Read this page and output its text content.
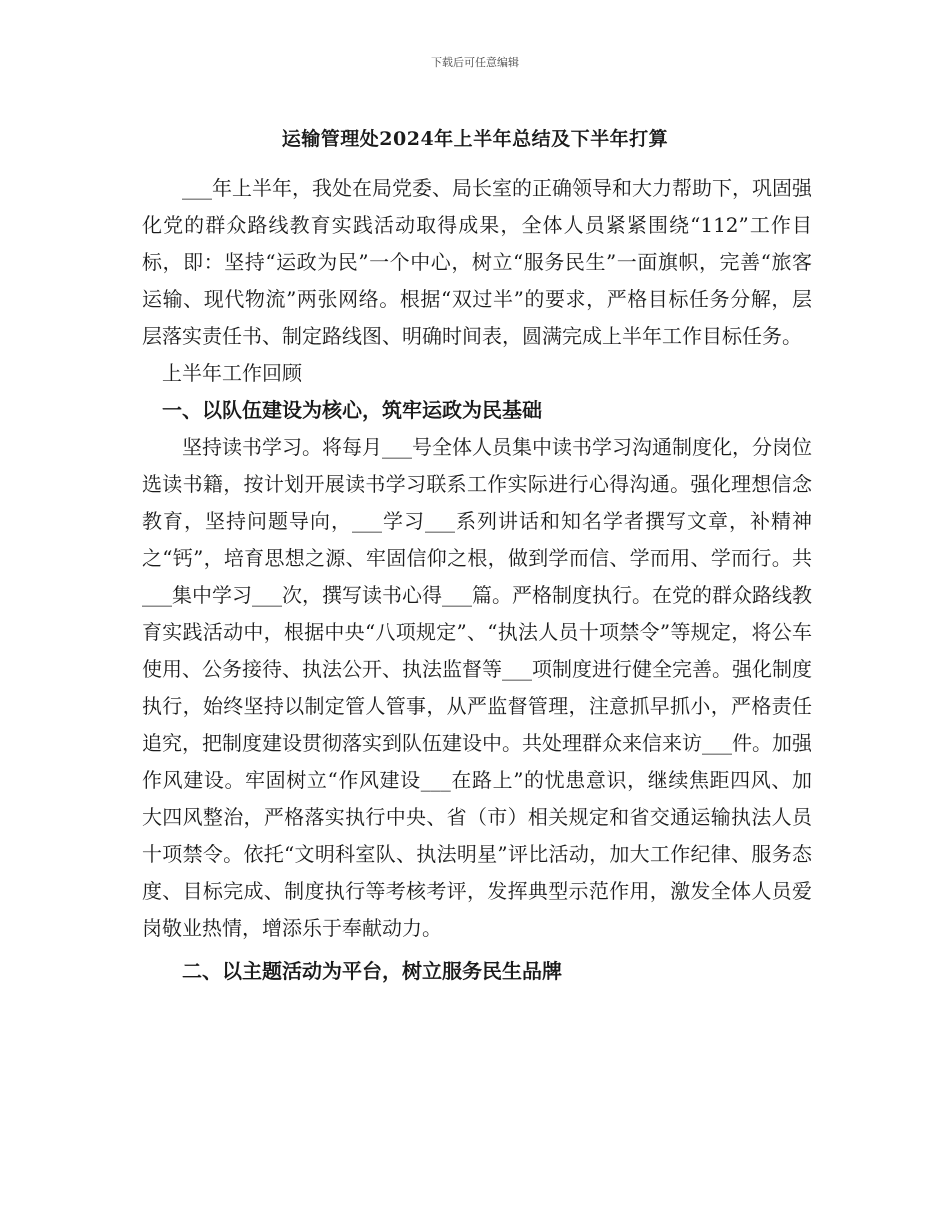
下载后可任意编辑
运输管理处2024年上半年总结及下半年打算

___年上半年，我处在局党委、局长室的正确领导和大力帮助下，巩固强化党的群众路线教育实践活动取得成果，全体人员紧紧围绕“112”工作目标，即：坚持“运政为民”一个中心，树立“服务民生”一面旗帜，完善“旅客运输、现代物流”两张网络。根据“双过半”的要求，严格目标任务分解，层层落实责任书、制定路线图、明确时间表，圆满完成上半年工作目标任务。

上半年工作回顾

一、以队伍建设为核心，筑牢运政为民基础

坚持读书学习。将每月___号全体人员集中读书学习沟通制度化，分岗位选读书籍，按计划开展读书学习联系工作实际进行心得沟通。强化理想信念教育，坚持问题导向，___学习___系列讲话和知名学者撰写文章，补精神之“钙”，培育思想之源、牢固信仰之根，做到学而信、学而用、学而行。共___集中学习___次，撰写读书心得___篇。严格制度执行。在党的群众路线教育实践活动中，根据中央“八项规定”、“执法人员十项禁令”等规定，将公车使用、公务接待、执法公开、执法监督等___项制度进行健全完善。强化制度执行，始终坚持以制定管人管事，从严监督管理，注意抓早抓小，严格责任追究，把制度建设贯彻落实到队伍建设中。共处理群众来信来访___件。加强作风建设。牢固树立“作风建设___在路上”的忧患意识，继续焦距四风、加大四风整治，严格落实执行中央、省（市）相关规定和省交通运输执法人员十项禁令。依托“文明科室队、执法明星”评比活动，加大工作纪律、服务态度、目标完成、制度执行等考核考评，发挥典型示范作用，激发全体人员爱岗敬业热情，增添乐于奉献动力。

二、以主题活动为平台，树立服务民生品牌
